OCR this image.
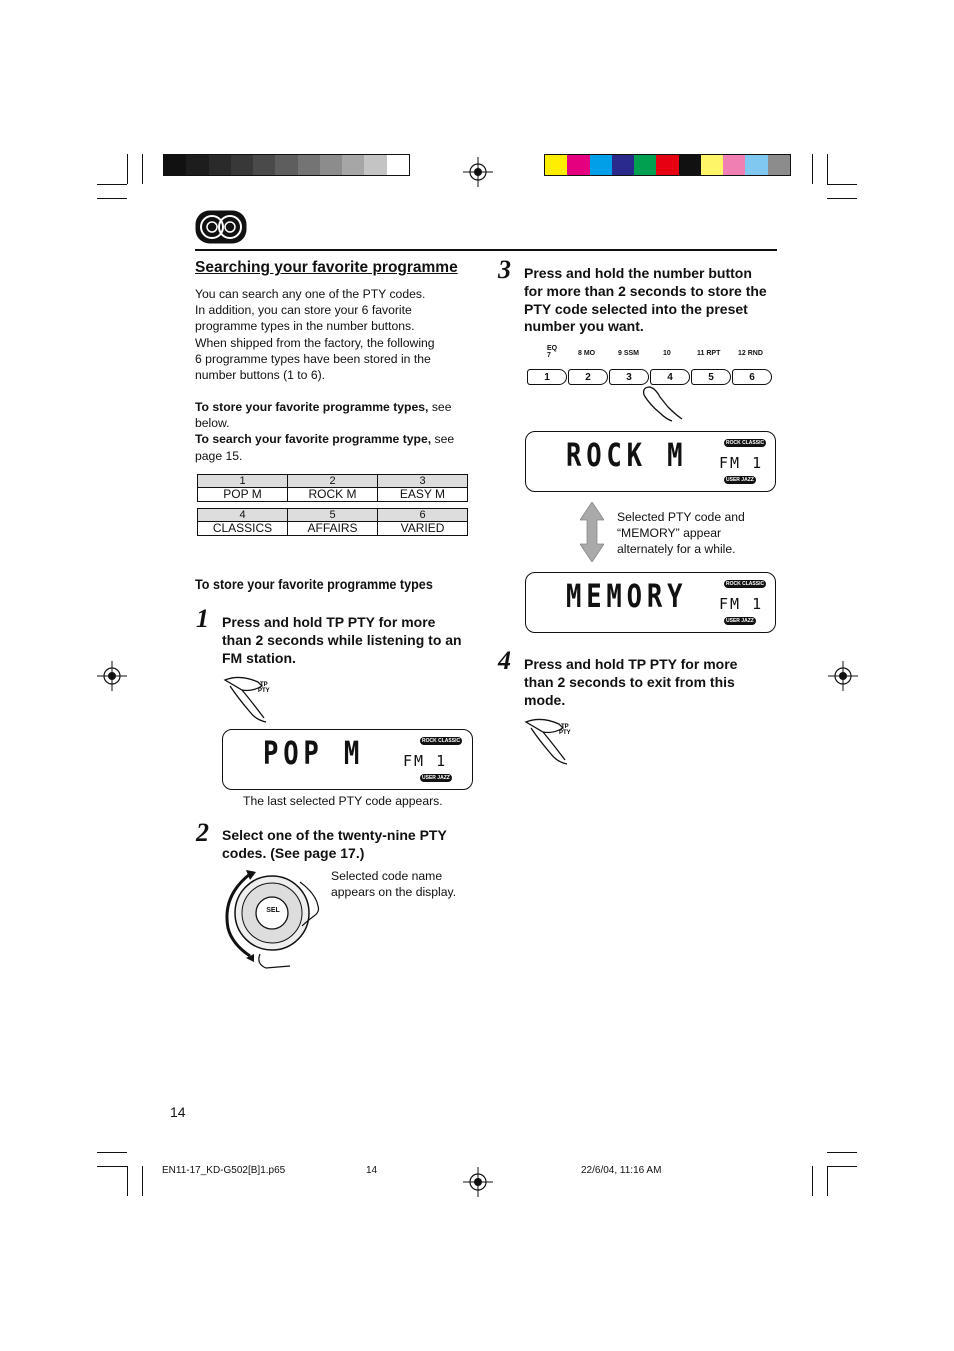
Searching your favorite programme
You can search any one of the PTY codes.
In addition, you can store your 6 favorite
programme types in the number buttons.
When shipped from the factory, the following
6 programme types have been stored in the
number buttons (1 to 6).
To store your favorite programme types, see
below.
To search your favorite programme type, see
page 15.
1	2	3
POP M	ROCK M	EASY M
4	5	6
CLASSICS	AFFAIRS	VARIED
To store your favorite programme types
1 Press and hold TP PTY for more
than 2 seconds while listening to an
FM station.
TP
PTY
POP M	FM 1
ROCK CLASSIC
USER JAZZ
The last selected PTY code appears.
2 Select one of the twenty-nine PTY
codes. (See page 17.)
SEL
Selected code name
appears on the display.
3 Press and hold the number button
for more than 2 seconds to store the
PTY code selected into the preset
number you want.
EQ 7	8 MO	9 SSM	10	11 RPT	12 RND
1	2	3	4	5	6
ROCK M FM 1
ROCK CLASSIC
USER JAZZ
Selected PTY code and
“MEMORY” appear
alternately for a while.
MEMORY FM 1
ROCK CLASSIC
USER JAZZ
4 Press and hold TP PTY for more
than 2 seconds to exit from this
mode.
TP
PTY
14
EN11-17_KD-G502[B]1.p65	14	22/6/04, 11:16 AM
